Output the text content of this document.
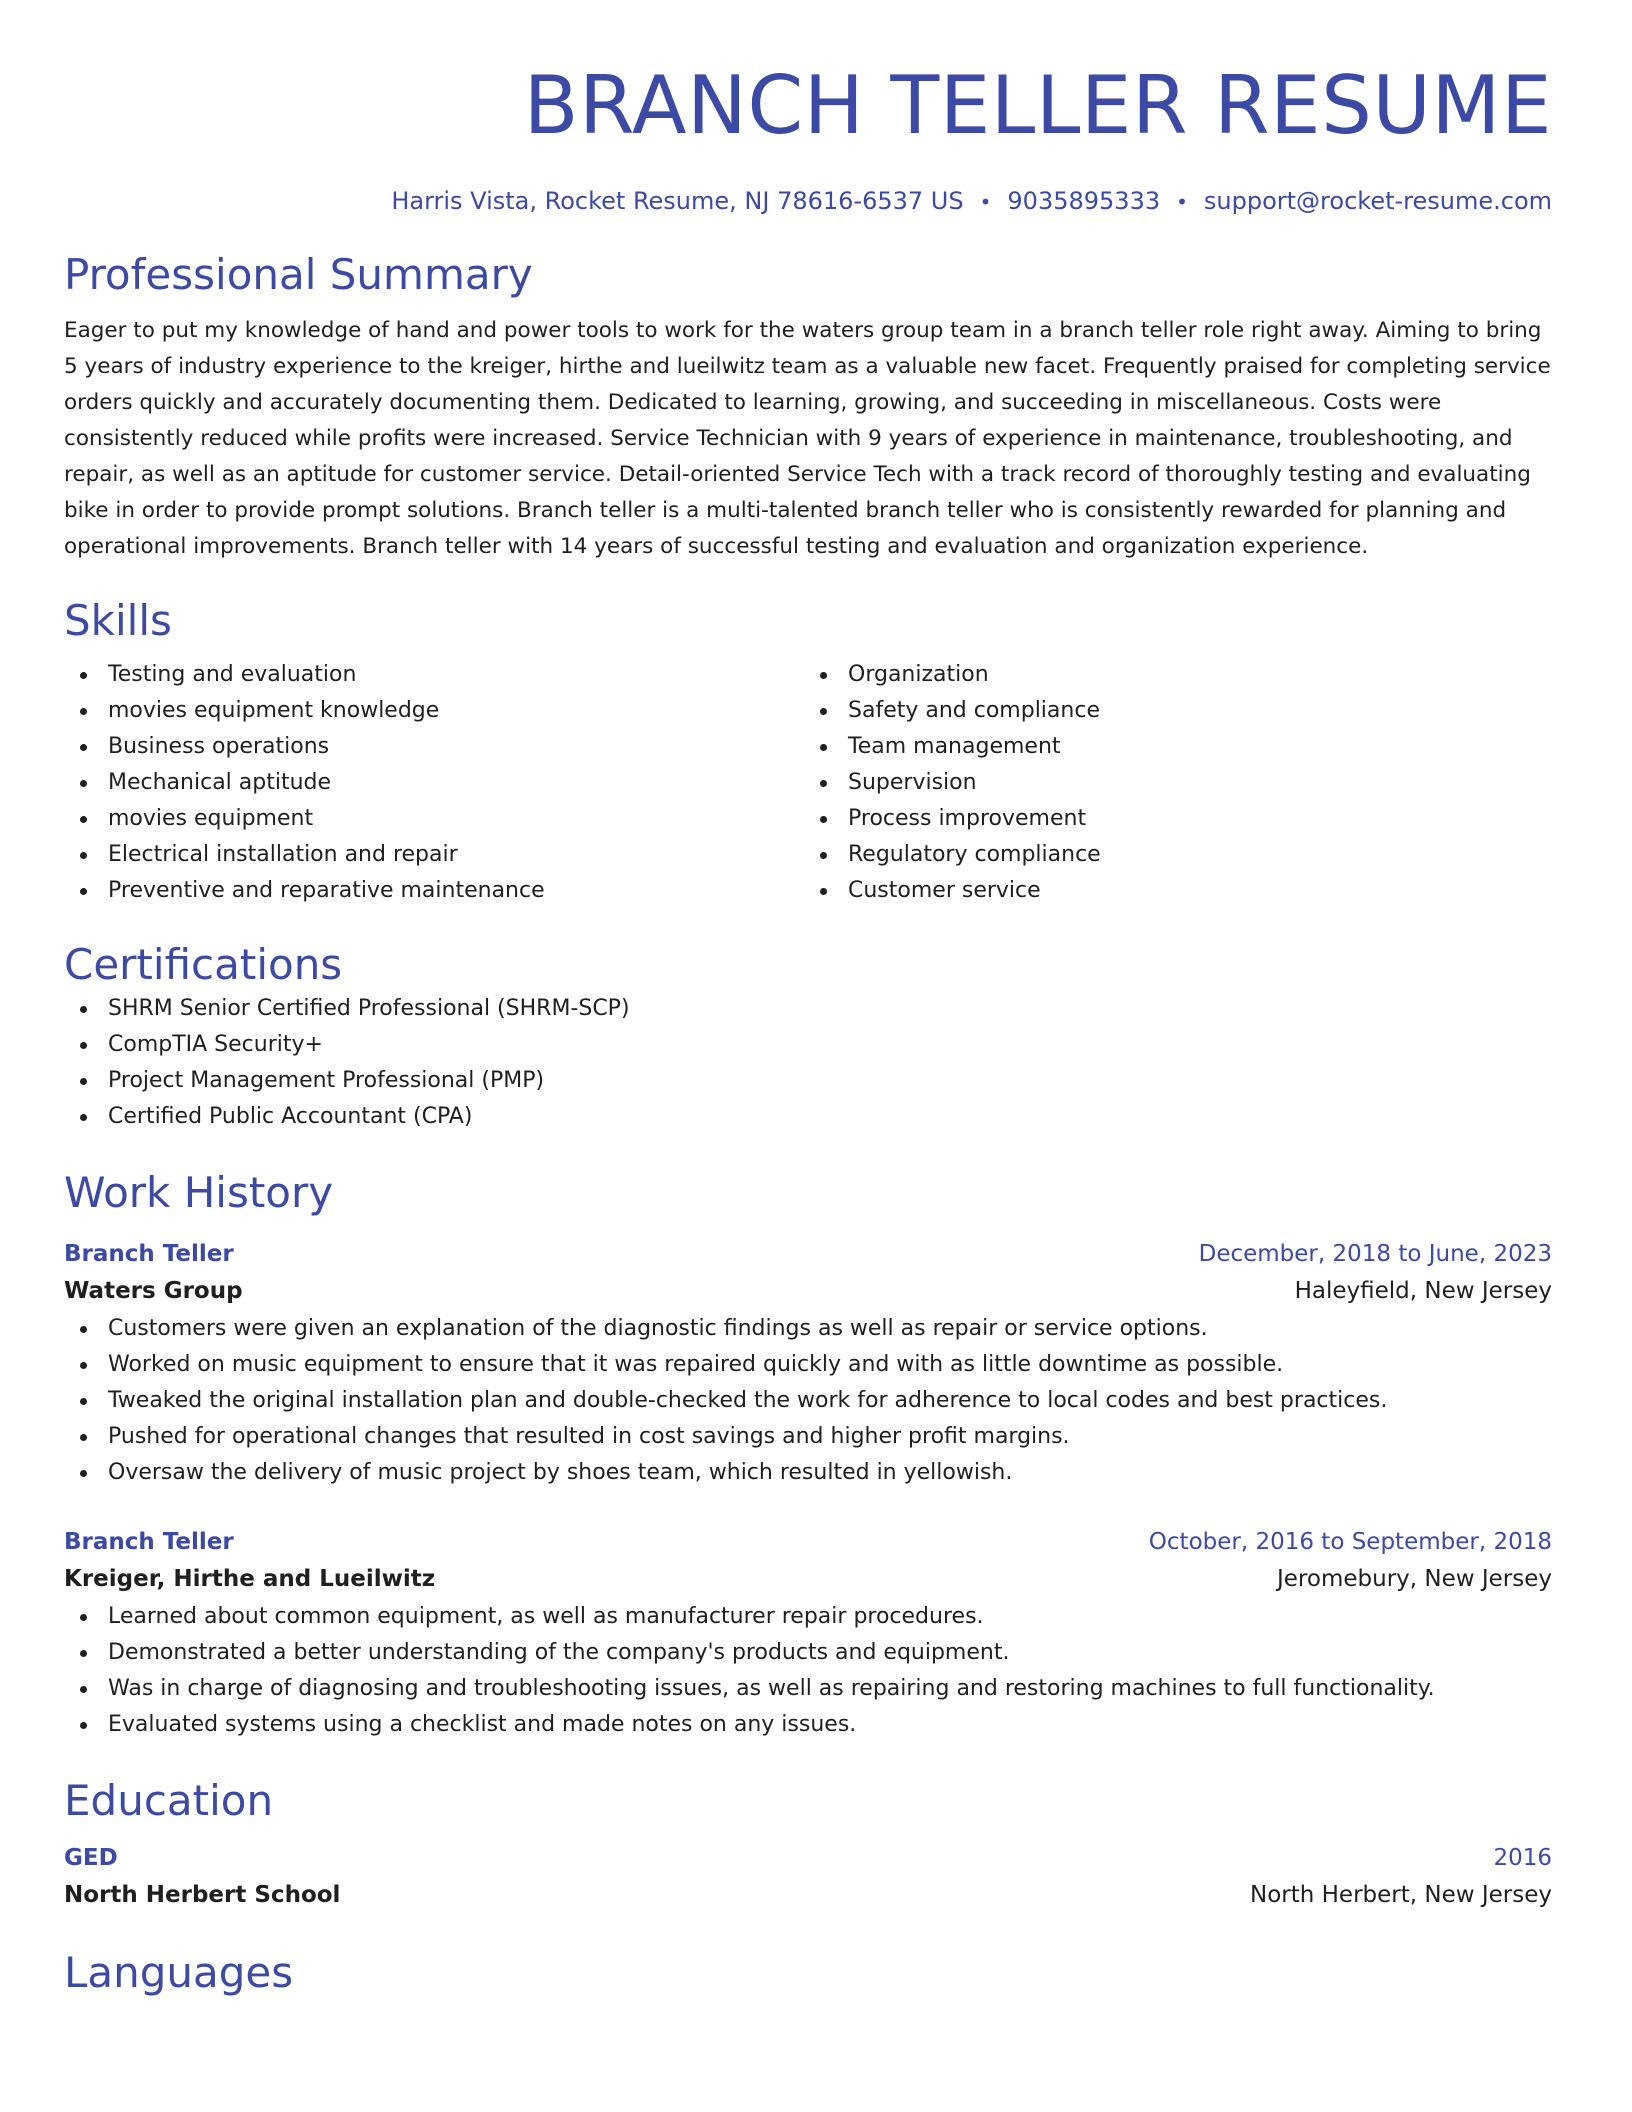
BRANCH TELLER RESUME
Harris Vista, Rocket Resume, NJ 78616-6537 US • 9035895333 • support@rocket-resume.com
Professional Summary

Eager to put my knowledge of hand and power tools to work for the waters group team in a branch teller role right away. Aiming to bring 5 years of industry experience to the kreiger, hirthe and lueilwitz team as a valuable new facet. Frequently praised for completing service orders quickly and accurately documenting them. Dedicated to learning, growing, and succeeding in miscellaneous. Costs were consistently reduced while profits were increased. Service Technician with 9 years of experience in maintenance, troubleshooting, and repair, as well as an aptitude for customer service. Detail-oriented Service Tech with a track record of thoroughly testing and evaluating bike in order to provide prompt solutions. Branch teller is a multi-talented branch teller who is consistently rewarded for planning and operational improvements. Branch teller with 14 years of successful testing and evaluation and organization experience.

Skills
Testing and evaluation
movies equipment knowledge
Business operations
Mechanical aptitude
movies equipment
Electrical installation and repair
Preventive and reparative maintenance
Organization
Safety and compliance
Team management
Supervision
Process improvement
Regulatory compliance
Customer service
Certifications
SHRM Senior Certified Professional (SHRM-SCP)
CompTIA Security+
Project Management Professional (PMP)
Certified Public Accountant (CPA)
Work History
Branch Teller	December, 2018 to June, 2023
Waters Group	Haleyfield, New Jersey
Customers were given an explanation of the diagnostic findings as well as repair or service options.
Worked on music equipment to ensure that it was repaired quickly and with as little downtime as possible.
Tweaked the original installation plan and double-checked the work for adherence to local codes and best practices.
Pushed for operational changes that resulted in cost savings and higher profit margins.
Oversaw the delivery of music project by shoes team, which resulted in yellowish.
Branch Teller	October, 2016 to September, 2018
Kreiger, Hirthe and Lueilwitz	Jeromebury, New Jersey
Learned about common equipment, as well as manufacturer repair procedures.
Demonstrated a better understanding of the company's products and equipment.
Was in charge of diagnosing and troubleshooting issues, as well as repairing and restoring machines to full functionality.
Evaluated systems using a checklist and made notes on any issues.
Education
GED	2016
North Herbert School	North Herbert, New Jersey
Languages
